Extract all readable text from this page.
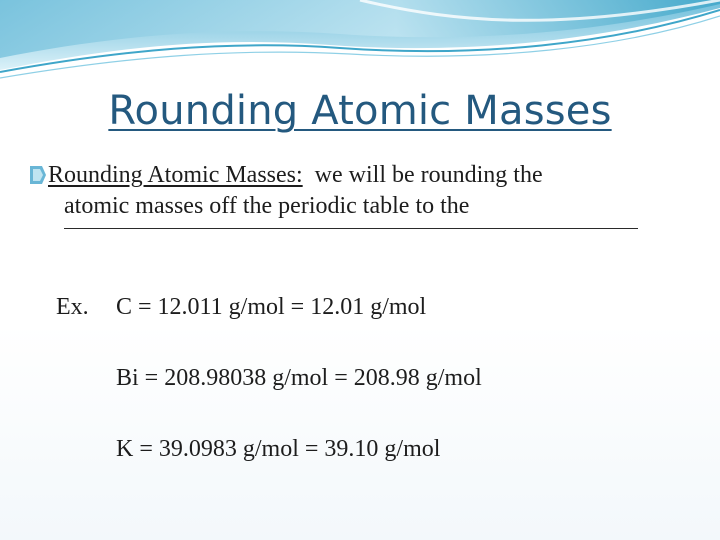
Rounding Atomic Masses
Rounding Atomic Masses:  we will be rounding the
atomic masses off the periodic table to the
Ex.	C = 12.011 g/mol = 12.01 g/mol
Bi = 208.98038 g/mol = 208.98 g/mol
K = 39.0983 g/mol = 39.10 g/mol
